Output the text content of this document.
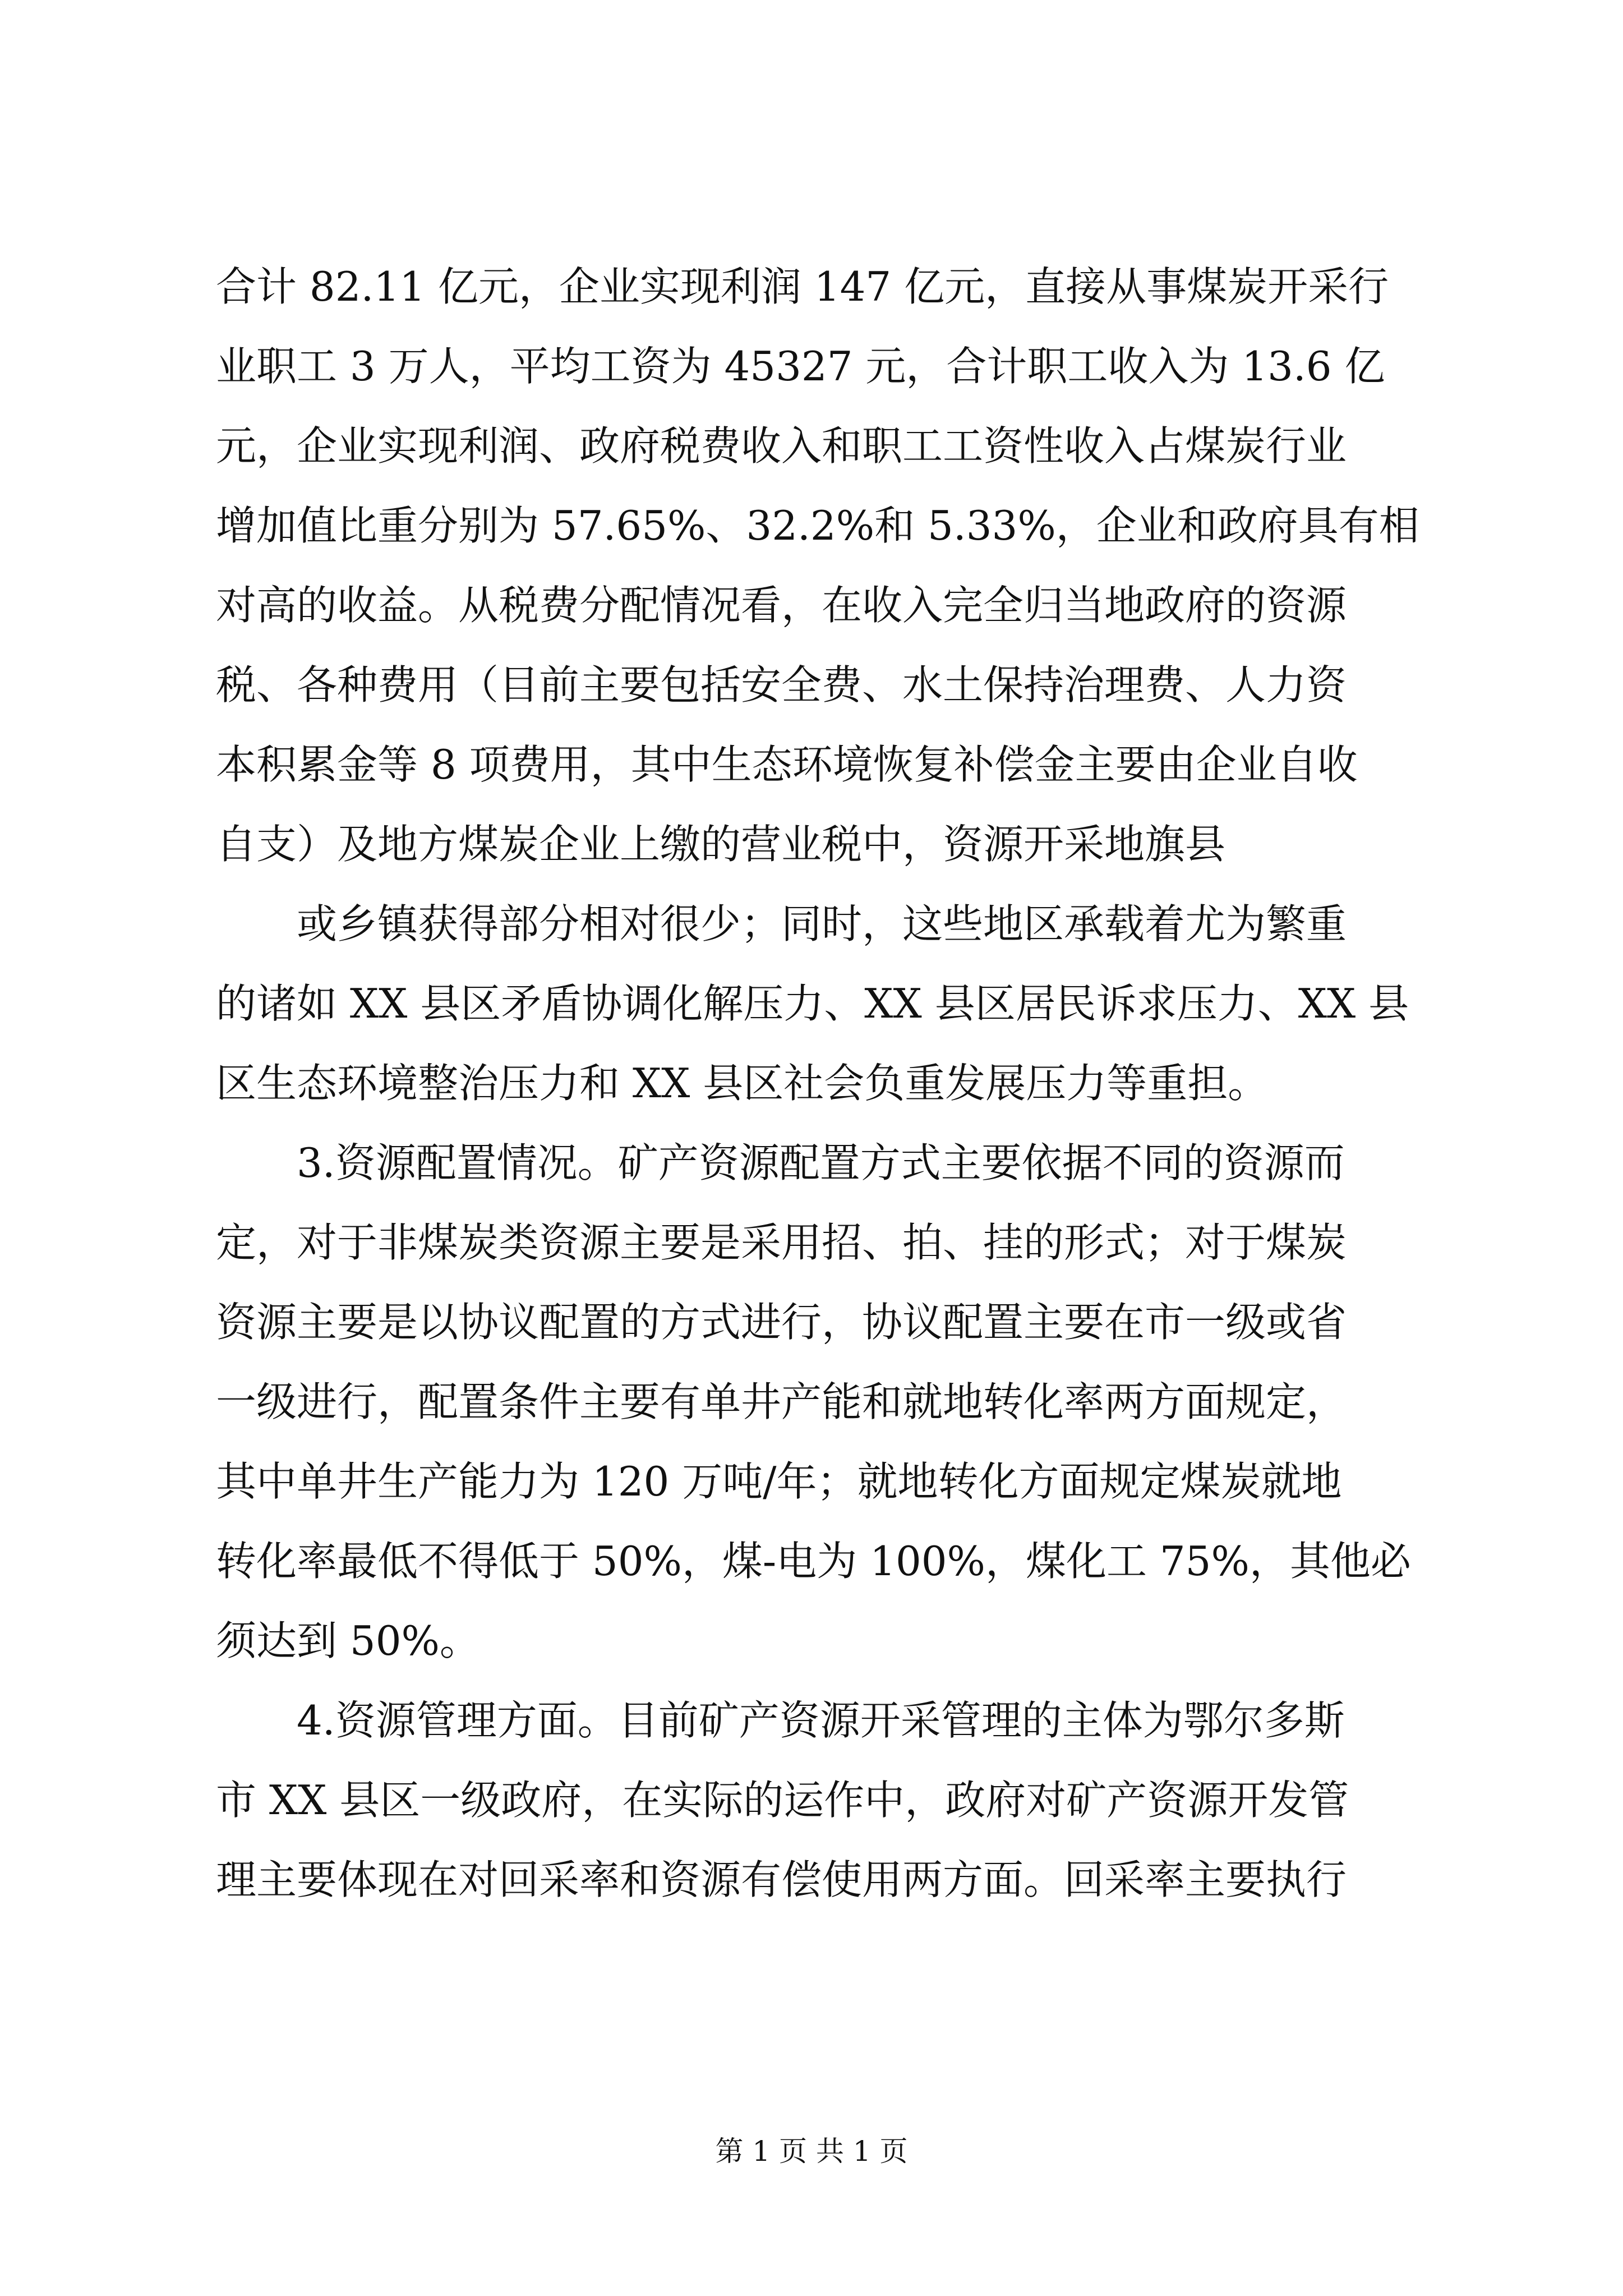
合计 82.11 亿元，企业实现利润 147 亿元，直接从事煤炭开采行
业职工 3 万人，平均工资为 45327 元，合计职工收入为 13.6 亿
元，企业实现利润、政府税费收入和职工工资性收入占煤炭行业
增加值比重分别为 57.65%、32.2%和 5.33%，企业和政府具有相
对高的收益。从税费分配情况看，在收入完全归当地政府的资源
税、各种费用（目前主要包括安全费、水土保持治理费、人力资
本积累金等 8 项费用，其中生态环境恢复补偿金主要由企业自收
自支）及地方煤炭企业上缴的营业税中，资源开采地旗县
或乡镇获得部分相对很少；同时，这些地区承载着尤为繁重
的诸如 XX 县区矛盾协调化解压力、XX 县区居民诉求压力、XX 县
区生态环境整治压力和 XX 县区社会负重发展压力等重担。
3.资源配置情况。矿产资源配置方式主要依据不同的资源而
定，对于非煤炭类资源主要是采用招、拍、挂的形式；对于煤炭
资源主要是以协议配置的方式进行，协议配置主要在市一级或省
一级进行，配置条件主要有单井产能和就地转化率两方面规定，
其中单井生产能力为 120 万吨/年；就地转化方面规定煤炭就地
转化率最低不得低于 50%，煤-电为 100%，煤化工 75%，其他必
须达到 50%。
4.资源管理方面。目前矿产资源开采管理的主体为鄂尔多斯
市 XX 县区一级政府，在实际的运作中，政府对矿产资源开发管
理主要体现在对回采率和资源有偿使用两方面。回采率主要执行
第 1 页 共 1 页
